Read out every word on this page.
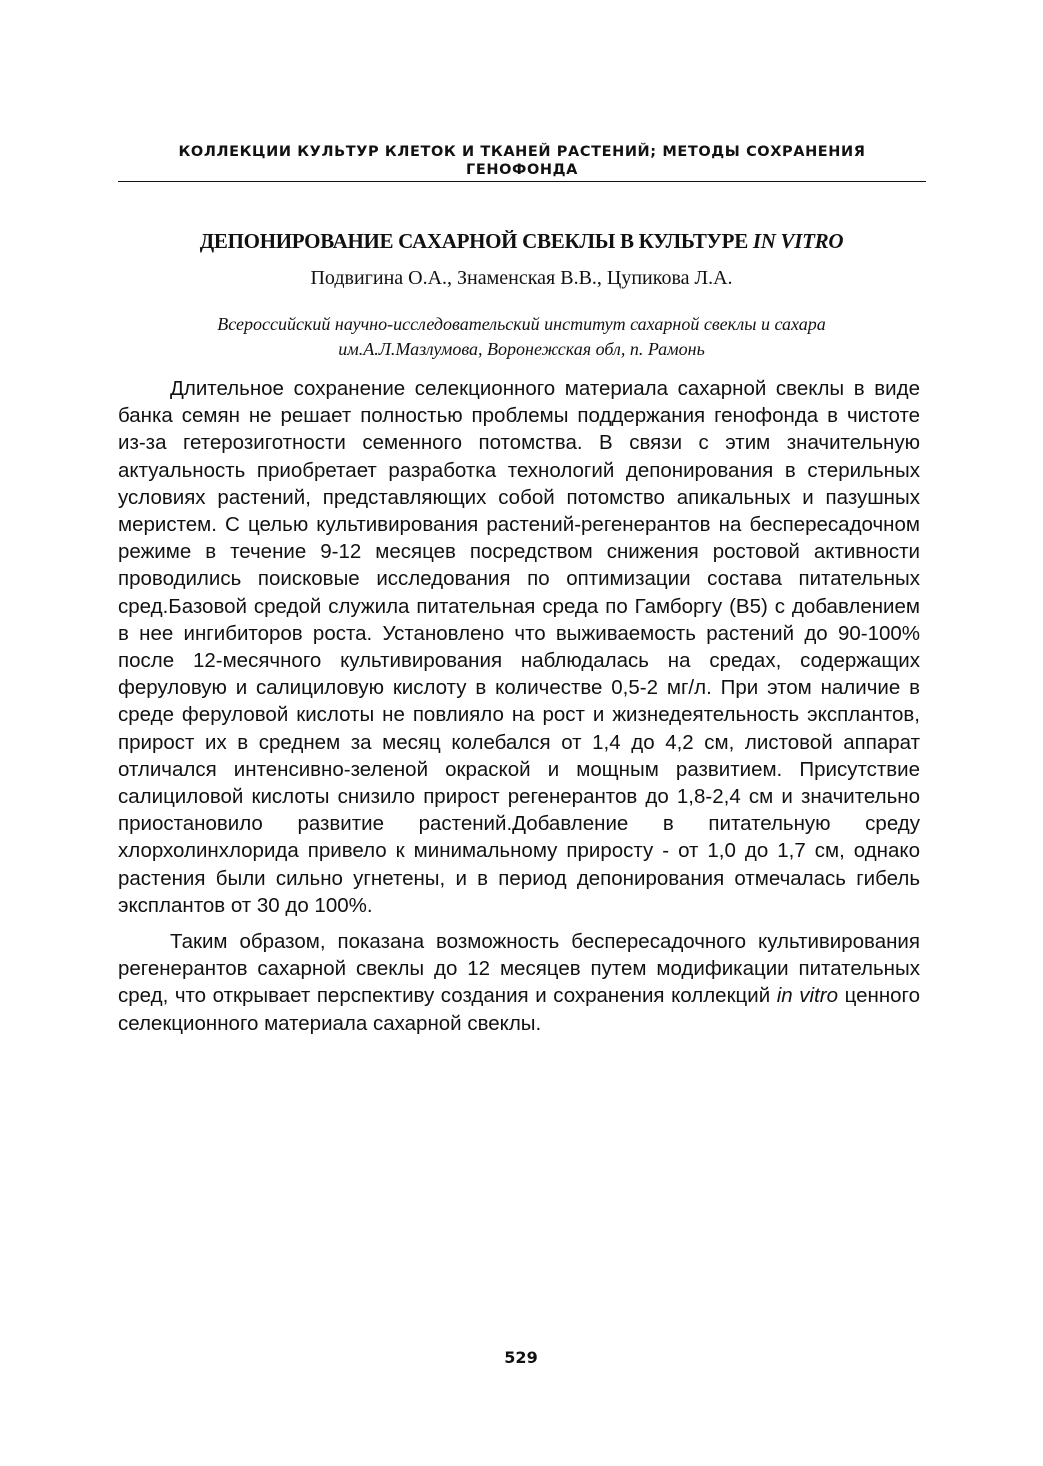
КОЛЛЕКЦИИ КУЛЬТУР КЛЕТОК И ТКАНЕЙ РАСТЕНИЙ; МЕТОДЫ СОХРАНЕНИЯ
ГЕНОФОНДА
ДЕПОНИРОВАНИЕ САХАРНОЙ СВЕКЛЫ В КУЛЬТУРЕ IN VITRO
Подвигина О.А., Знаменская В.В., Цупикова Л.А.
Всероссийский научно-исследовательский институт сахарной свеклы и сахара
им.А.Л.Мазлумова, Воронежская обл, п. Рамонь

Длительное сохранение селекционного материала сахарной свеклы в виде банка семян не решает полностью проблемы поддержания генофонда в чистоте из-за гетерозиготности семенного потомства. В связи с этим значительную актуальность приобретает разработка технологий депонирования в стерильных условиях растений, представляющих собой потомство апикальных и пазушных меристем. С целью культивирования растений-регенерантов на беспересадочном режиме в течение 9-12 месяцев посредством снижения ростовой активности проводились поисковые исследования по оптимизации состава питательных сред.Базовой средой служила питательная среда по Гамборгу (В5) с добавлением в нее ингибиторов роста. Установлено что выживаемость растений до 90-100% после 12-месячного культивирования наблюдалась на средах, содержащих феруловую и салициловую кислоту в количестве 0,5-2 мг/л. При этом наличие в среде феруловой кислоты не повлияло на рост и жизнедеятельность эксплантов, прирост их в среднем за месяц колебался от 1,4 до 4,2 см, листовой аппарат отличался интенсивно-зеленой окраской и мощным развитием. Присутствие салициловой кислоты снизило прирост регенерантов до 1,8-2,4 см и значительно приостановило развитие растений.Добавление в питательную среду хлорхолинхлорида привело к минимальному приросту - от 1,0 до 1,7 см, однако растения были сильно угнетены, и в период депонирования отмечалась гибель эксплантов от 30 до 100%.

Таким образом, показана возможность беспересадочного культивирования регенерантов сахарной свеклы до 12 месяцев путем модификации питательных сред, что открывает перспективу создания и сохранения коллекций in vitro ценного селекционного материала сахарной свеклы.

529
